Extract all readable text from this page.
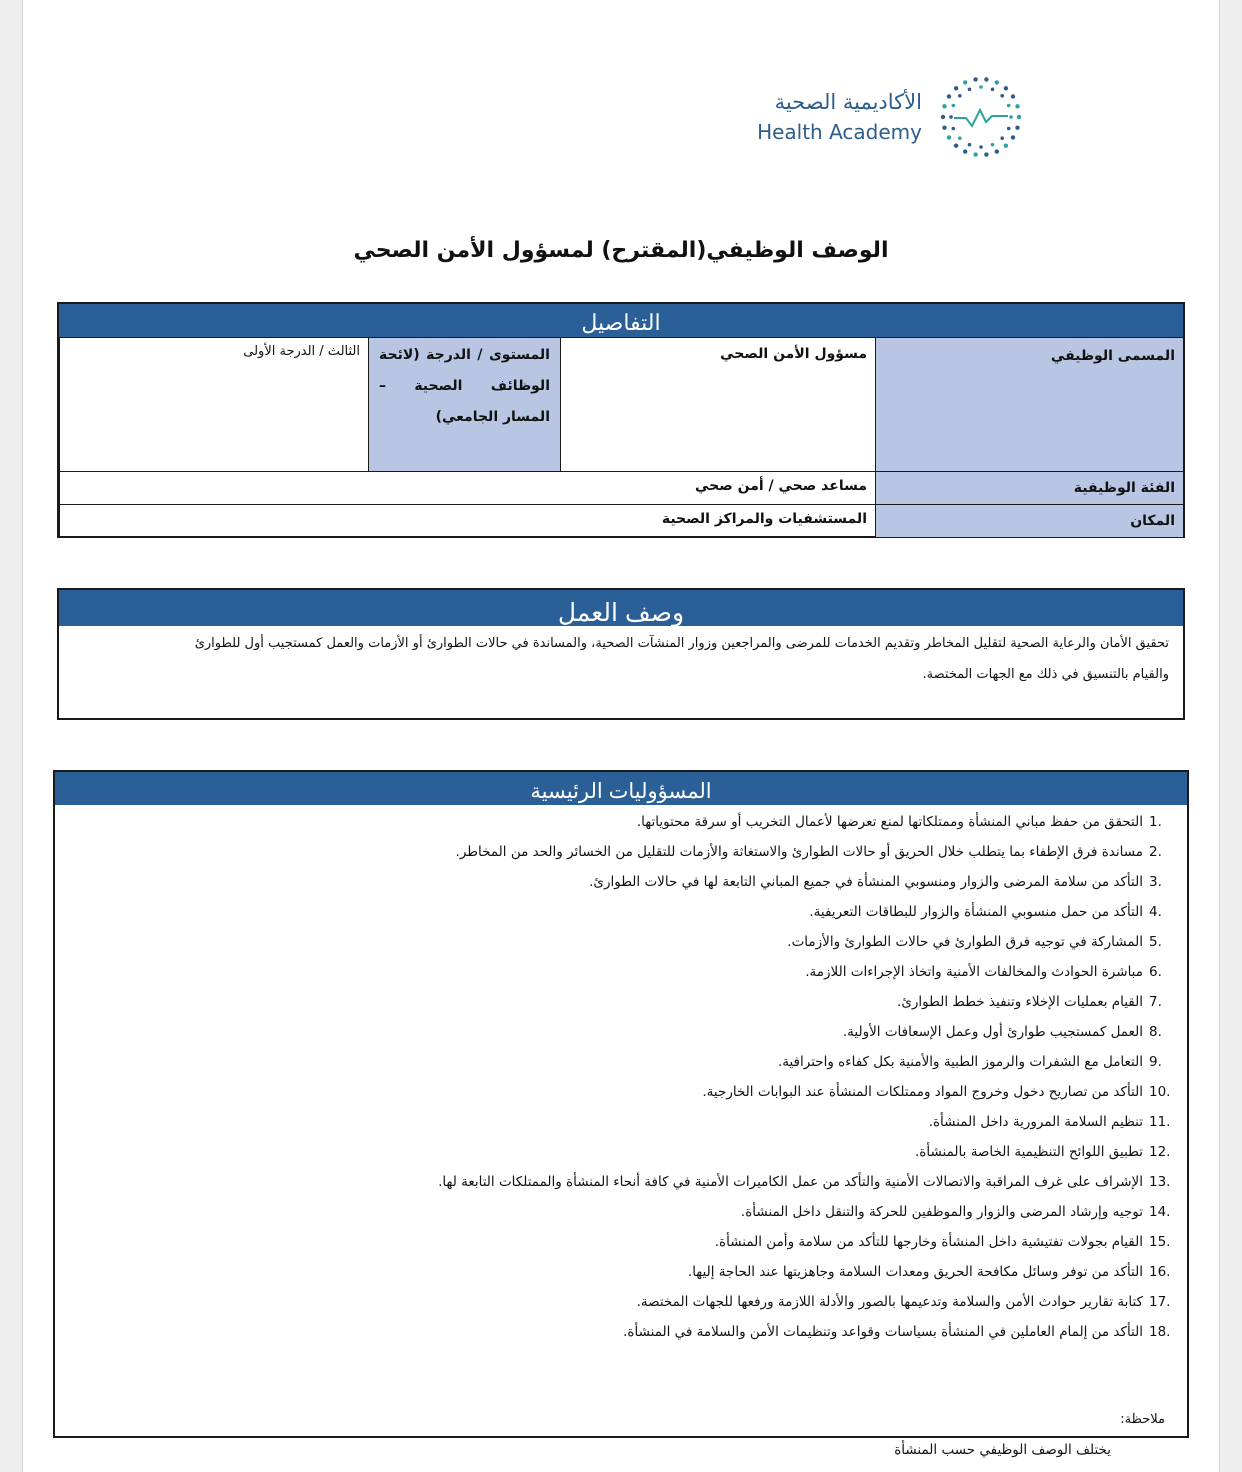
الأكاديمية الصحية
Health Academy
الوصف الوظيفي(المقترح) لمسؤول الأمن الصحي
التفاصيل
المسمى الوظيفي	مسؤول الأمن الصحي	المستوى / الدرجة (لائحة الوظائف الصحية – المسار الجامعي)	الثالث / الدرجة الأولى
الفئة الوظيفية	مساعد صحي / أمن صحي		
المكان	المستشفيات والمراكز الصحية		
وصف العمل
تحقيق الأمان والرعاية الصحية لتقليل المخاطر وتقديم الخدمات للمرضى والمراجعين وزوار المنشآت الصحية، والمساندة في حالات الطوارئ أو الأزمات والعمل كمستجيب أول للطوارئ
والقيام بالتنسيق في ذلك مع الجهات المختصة.
المسؤوليات الرئيسية
1.
التحقق من حفظ مباني المنشأة وممتلكاتها لمنع تعرضها لأعمال التخريب أو سرقة محتوياتها.
2.
مساندة فرق الإطفاء بما يتطلب خلال الحريق أو حالات الطوارئ والاستغاثة والأزمات للتقليل من الخسائر والحد من المخاطر.
3.
التأكد من سلامة المرضى والزوار ومنسوبي المنشأة في جميع المباني التابعة لها في حالات الطوارئ.
4.
التأكد من حمل منسوبي المنشأة والزوار للبطاقات التعريفية.
5.
المشاركة في توجيه فرق الطوارئ في حالات الطوارئ والأزمات.
6.
مباشرة الحوادث والمخالفات الأمنية واتخاذ الإجراءات اللازمة.
7.
القيام بعمليات الإخلاء وتنفيذ خطط الطوارئ.
8.
العمل كمستجيب طوارئ أول وعمل الإسعافات الأولية.
9.
التعامل مع الشفرات والرموز الطبية والأمنية بكل كفاءه واحترافية.
10.
التأكد من تصاريح دخول وخروج المواد وممتلكات المنشأة عند البوابات الخارجية.
11.
تنظيم السلامة المرورية داخل المنشأة.
12.
تطبيق اللوائح التنظيمية الخاصة بالمنشأة.
13.
الإشراف على غرف المراقبة والاتصالات الأمنية والتأكد من عمل الكاميرات الأمنية في كافة أنحاء المنشأة والممتلكات التابعة لها.
14.
توجيه وإرشاد المرضى والزوار والموظفين للحركة والتنقل داخل المنشأة.
15.
القيام بجولات تفتيشية داخل المنشأة وخارجها للتأكد من سلامة وأمن المنشأة.
16.
التأكد من توفر وسائل مكافحة الحريق ومعدات السلامة وجاهزيتها عند الحاجة إليها.
17.
كتابة تقارير حوادث الأمن والسلامة وتدعيمها بالصور والأدلة اللازمة ورفعها للجهات المختصة.
18.
التأكد من إلمام العاملين في المنشأة بسياسات وقواعد وتنظيمات الأمن والسلامة في المنشأة.
ملاحظة:
يختلف الوصف الوظيفي حسب المنشأة
